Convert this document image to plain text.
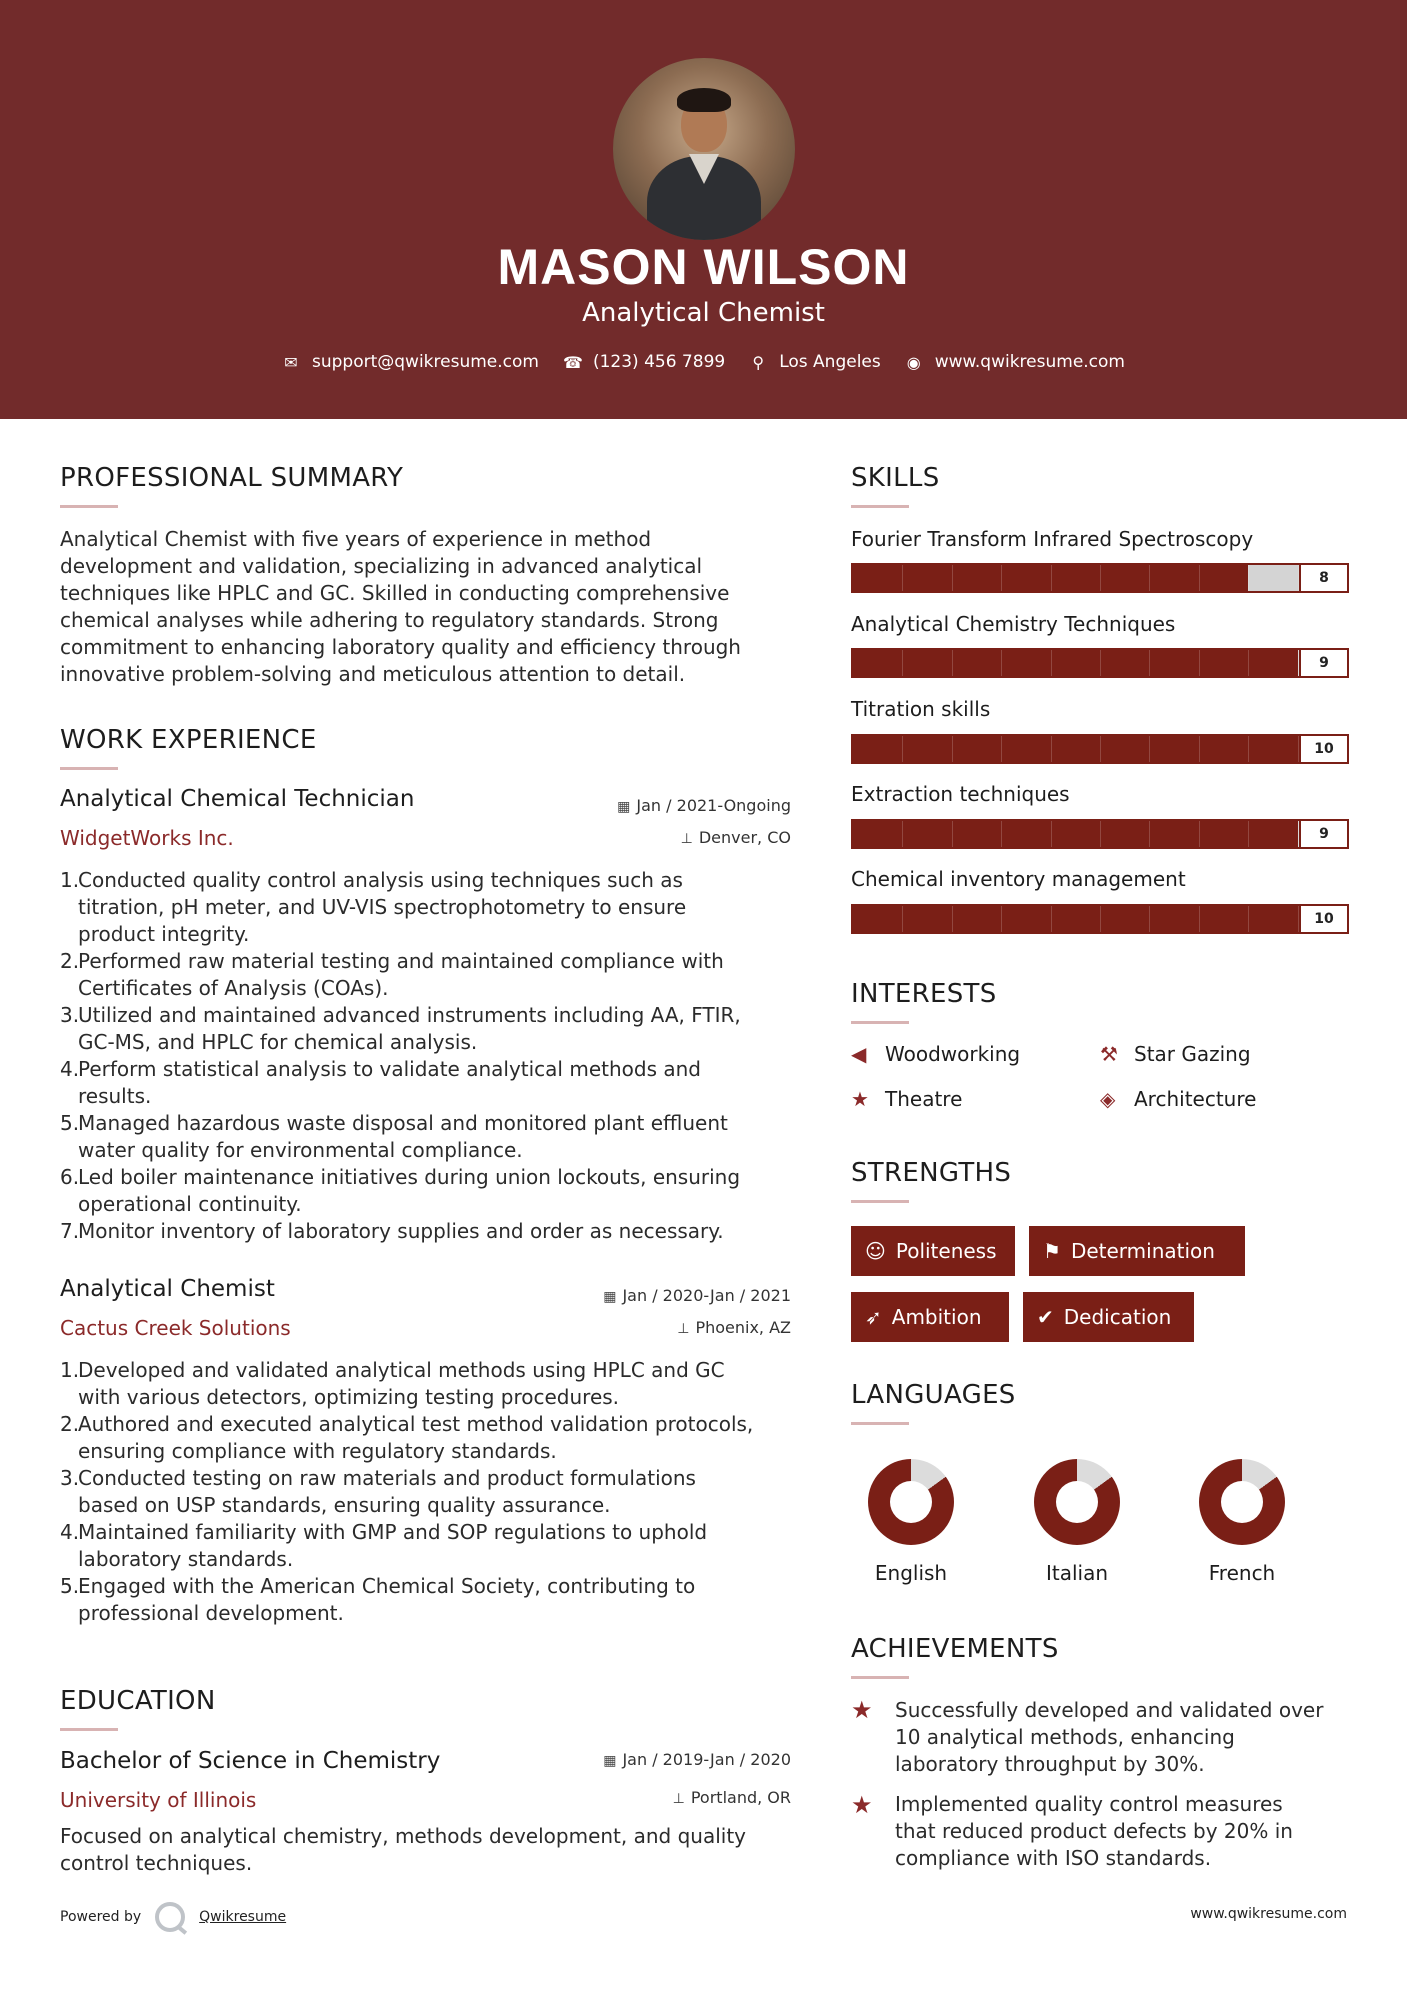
MASON WILSON
Analytical Chemist
✉ support@qwikresume.com ☎ (123) 456 7899 ⚲ Los Angeles ◉ www.qwikresume.com
PROFESSIONAL SUMMARY
Analytical Chemist with five years of experience in method
development and validation, specializing in advanced analytical
techniques like HPLC and GC. Skilled in conducting comprehensive
chemical analyses while adhering to regulatory standards. Strong
commitment to enhancing laboratory quality and efficiency through
innovative problem-solving and meticulous attention to detail.
WORK EXPERIENCE
Analytical Chemical Technician	▦ Jan / 2021-Ongoing
WidgetWorks Inc.	⊥ Denver, CO
1.
Conducted quality control analysis using techniques such as
titration, pH meter, and UV-VIS spectrophotometry to ensure
product integrity.
2.
Performed raw material testing and maintained compliance with
Certificates of Analysis (COAs).
3.
Utilized and maintained advanced instruments including AA, FTIR,
GC-MS, and HPLC for chemical analysis.
4.
Perform statistical analysis to validate analytical methods and
results.
5.
Managed hazardous waste disposal and monitored plant effluent
water quality for environmental compliance.
6.
Led boiler maintenance initiatives during union lockouts, ensuring
operational continuity.
7.
Monitor inventory of laboratory supplies and order as necessary.
Analytical Chemist	▦ Jan / 2020-Jan / 2021
Cactus Creek Solutions	⊥ Phoenix, AZ
1.
Developed and validated analytical methods using HPLC and GC
with various detectors, optimizing testing procedures.
2.
Authored and executed analytical test method validation protocols,
ensuring compliance with regulatory standards.
3.
Conducted testing on raw materials and product formulations
based on USP standards, ensuring quality assurance.
4.
Maintained familiarity with GMP and SOP regulations to uphold
laboratory standards.
5.
Engaged with the American Chemical Society, contributing to
professional development.
EDUCATION
Bachelor of Science in Chemistry	▦ Jan / 2019-Jan / 2020
University of Illinois	⊥ Portland, OR
Focused on analytical chemistry, methods development, and quality
control techniques.
SKILLS
Fourier Transform Infrared Spectroscopy
8
Analytical Chemistry Techniques
9
Titration skills
10
Extraction techniques
9
Chemical inventory management
10
INTERESTS
◀ Woodworking	⚒ Star Gazing
★ Theatre	◈ Architecture
STRENGTHS
☺ Politeness ⚑ Determination
➶ Ambition	✔ Dedication
LANGUAGES
English	Italian	French
ACHIEVEMENTS
★ Successfully developed and validated over
10 analytical methods, enhancing
laboratory throughput by 30%.
★ Implemented quality control measures
that reduced product defects by 20% in
compliance with ISO standards.
Powered by	Qwikresume	www.qwikresume.com
